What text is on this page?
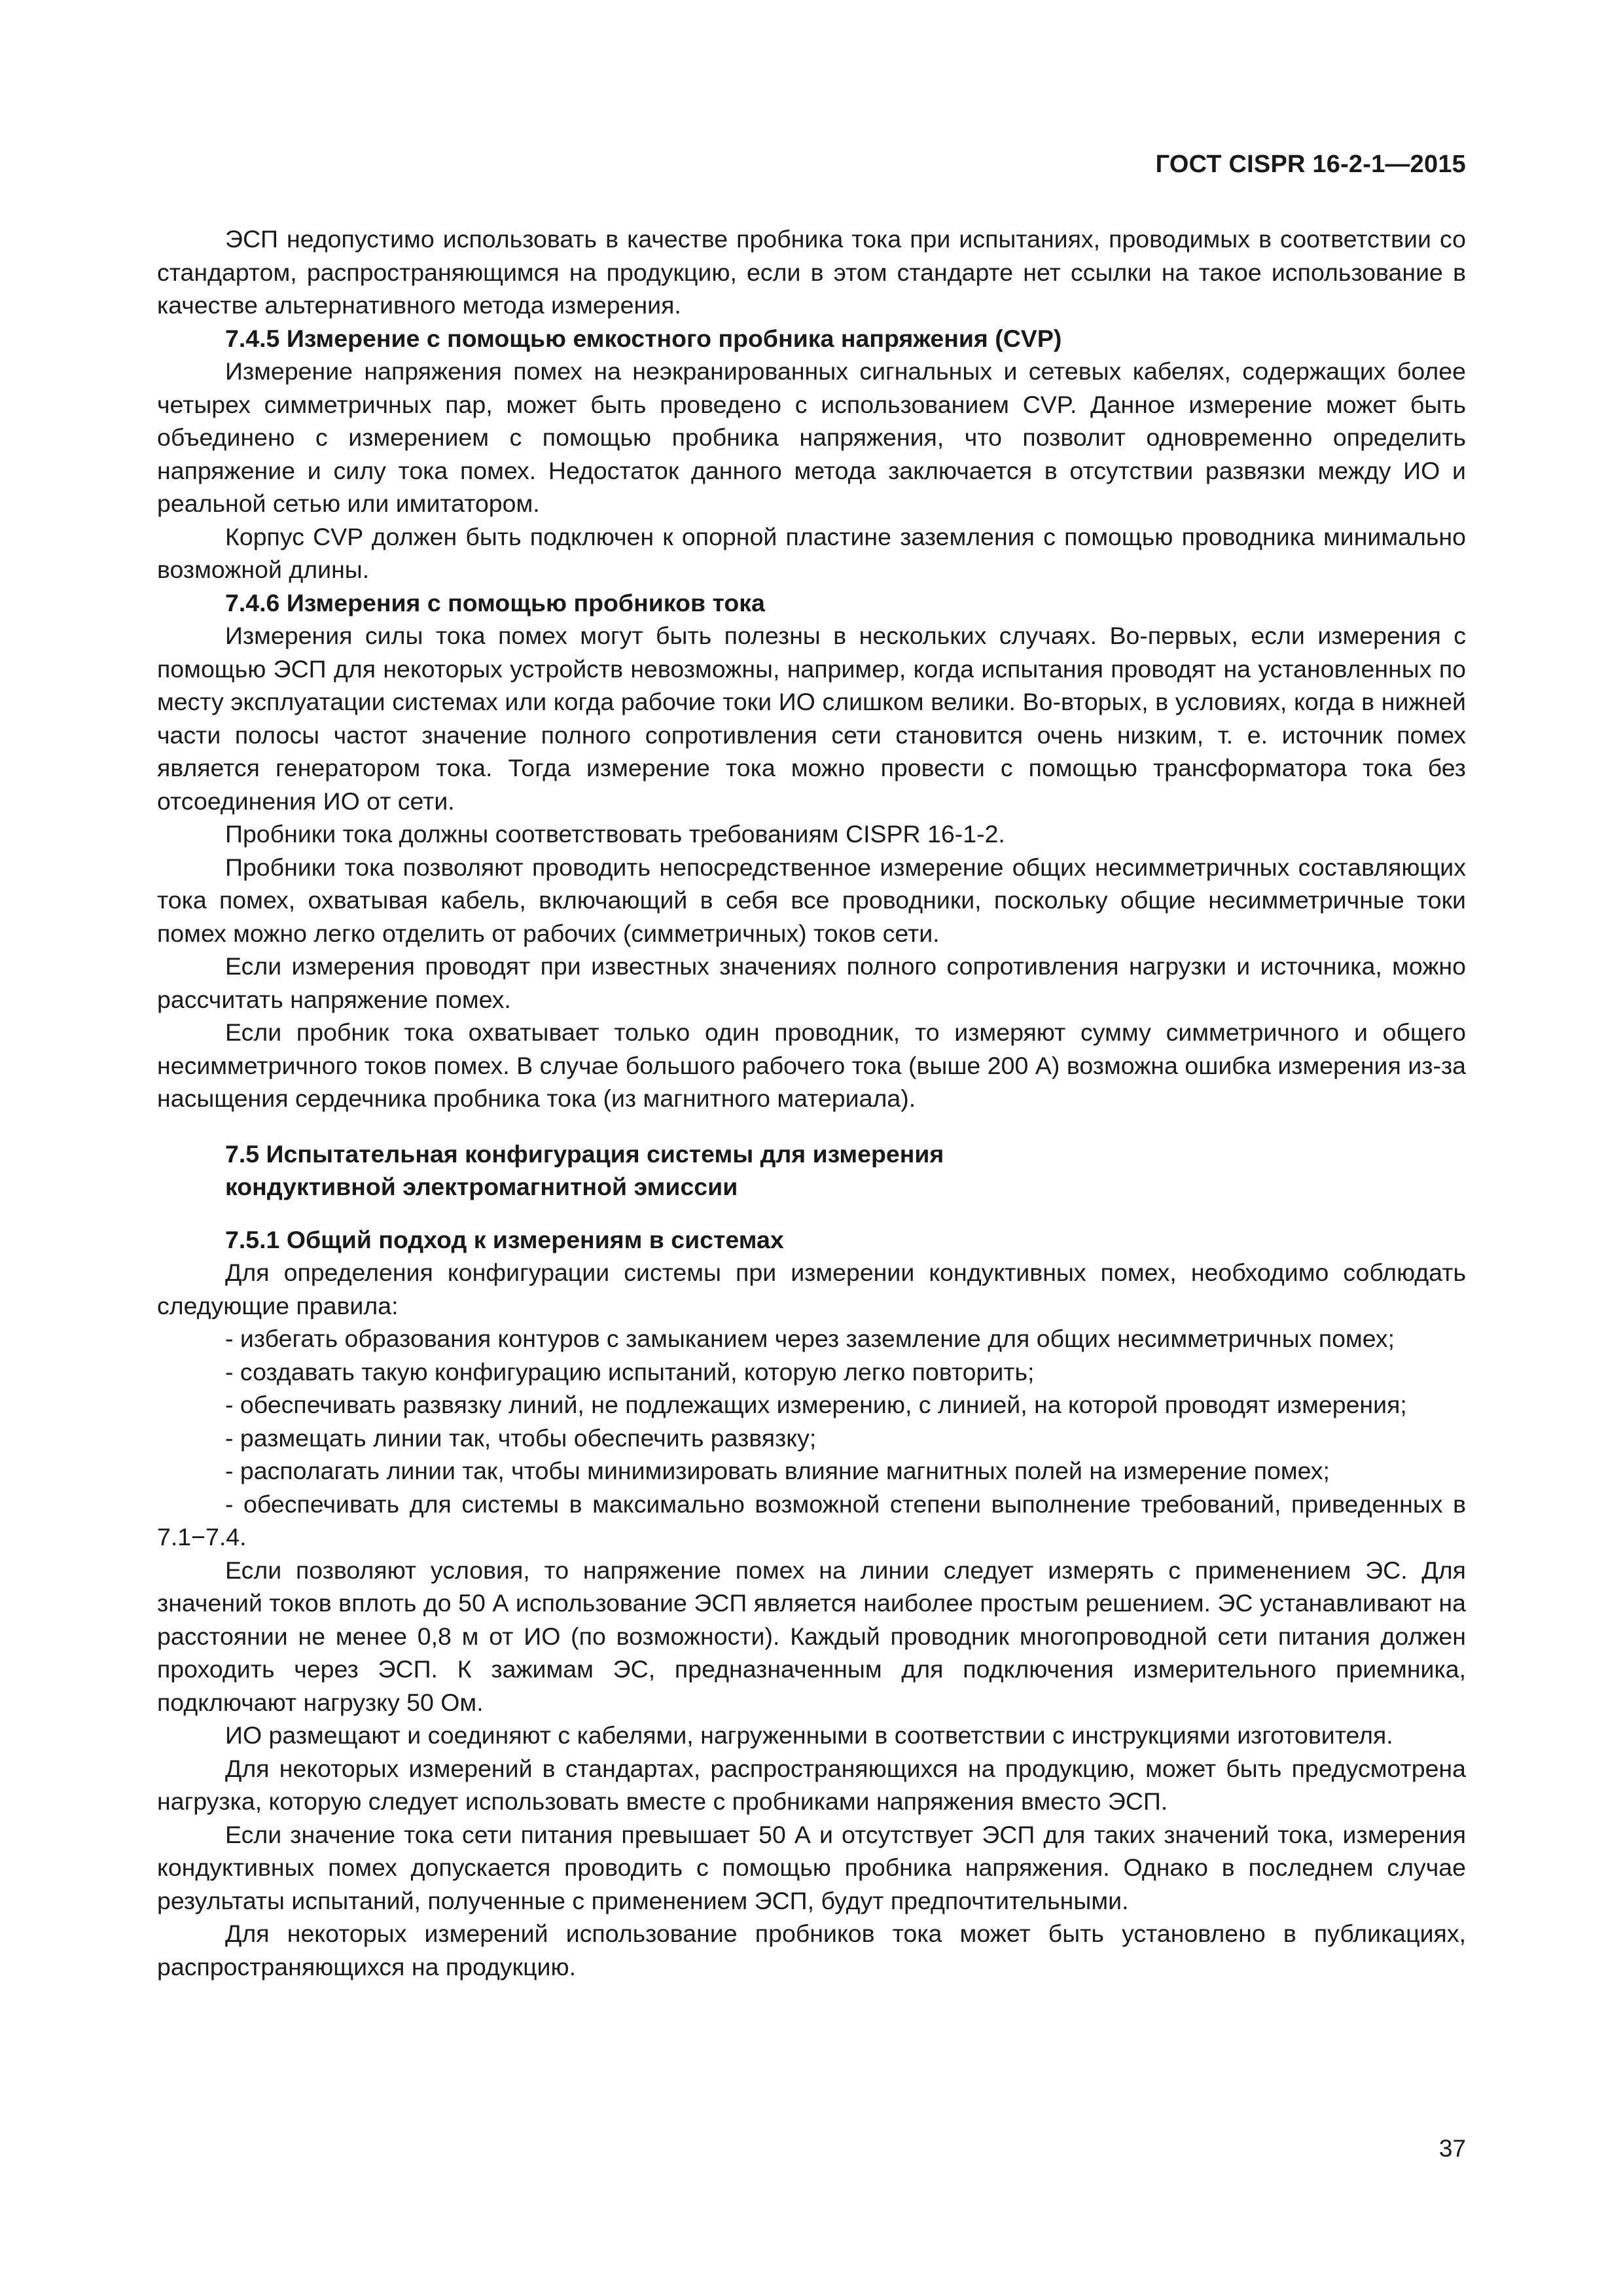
ГОСТ CISPR 16-2-1—2015

ЭСП недопустимо использовать в качестве пробника тока при испытаниях, проводимых в соответствии со стандартом, распространяющимся на продукцию, если в этом стандарте нет ссылки на такое использование в качестве альтернативного метода измерения.

7.4.5 Измерение с помощью емкостного пробника напряжения (CVP)

Измерение напряжения помех на неэкранированных сигнальных и сетевых кабелях, содержащих более четырех симметричных пар, может быть проведено с использованием CVP. Данное измерение может быть объединено с измерением с помощью пробника напряжения, что позволит одновременно определить напряжение и силу тока помех. Недостаток данного метода заключается в отсутствии развязки между ИО и реальной сетью или имитатором.

Корпус CVP должен быть подключен к опорной пластине заземления с помощью проводника минимально возможной длины.

7.4.6 Измерения с помощью пробников тока

Измерения силы тока помех могут быть полезны в нескольких случаях. Во-первых, если измерения с помощью ЭСП для некоторых устройств невозможны, например, когда испытания проводят на установленных по месту эксплуатации системах или когда рабочие токи ИО слишком велики. Во-вторых, в условиях, когда в нижней части полосы частот значение полного сопротивления сети становится очень низким, т. е. источник помех является генератором тока. Тогда измерение тока можно провести с помощью трансформатора тока без отсоединения ИО от сети.

Пробники тока должны соответствовать требованиям CISPR 16-1-2.

Пробники тока позволяют проводить непосредственное измерение общих несимметричных составляющих тока помех, охватывая кабель, включающий в себя все проводники, поскольку общие несимметричные токи помех можно легко отделить от рабочих (симметричных) токов сети.

Если измерения проводят при известных значениях полного сопротивления нагрузки и источника, можно рассчитать напряжение помех.

Если пробник тока охватывает только один проводник, то измеряют сумму симметричного и общего несимметричного токов помех. В случае большого рабочего тока (выше 200 А) возможна ошибка измерения из-за насыщения сердечника пробника тока (из магнитного материала).

7.5 Испытательная конфигурация системы для измерения
кондуктивной электромагнитной эмиссии
7.5.1 Общий подход к измерениям в системах

Для определения конфигурации системы при измерении кондуктивных помех, необходимо соблюдать следующие правила:

- избегать образования контуров с замыканием через заземление для общих несимметричных помех;

- создавать такую конфигурацию испытаний, которую легко повторить;

- обеспечивать развязку линий, не подлежащих измерению, с линией, на которой проводят измерения;

- размещать линии так, чтобы обеспечить развязку;

- располагать линии так, чтобы минимизировать влияние магнитных полей на измерение помех;

- обеспечивать для системы в максимально возможной степени выполнение требований, приведенных в 7.1−7.4.

Если позволяют условия, то напряжение помех на линии следует измерять с применением ЭС. Для значений токов вплоть до 50 А использование ЭСП является наиболее простым решением. ЭС устанавливают на расстоянии не менее 0,8 м от ИО (по возможности). Каждый проводник многопроводной сети питания должен проходить через ЭСП. К зажимам ЭС, предназначенным для подключения измерительного приемника, подключают нагрузку 50 Ом.

ИО размещают и соединяют с кабелями, нагруженными в соответствии с инструкциями изготовителя.

Для некоторых измерений в стандартах, распространяющихся на продукцию, может быть предусмотрена нагрузка, которую следует использовать вместе с пробниками напряжения вместо ЭСП.

Если значение тока сети питания превышает 50 А и отсутствует ЭСП для таких значений тока, измерения кондуктивных помех допускается проводить с помощью пробника напряжения. Однако в последнем случае результаты испытаний, полученные с применением ЭСП, будут предпочтительными.

Для некоторых измерений использование пробников тока может быть установлено в публикациях, распространяющихся на продукцию.

37
